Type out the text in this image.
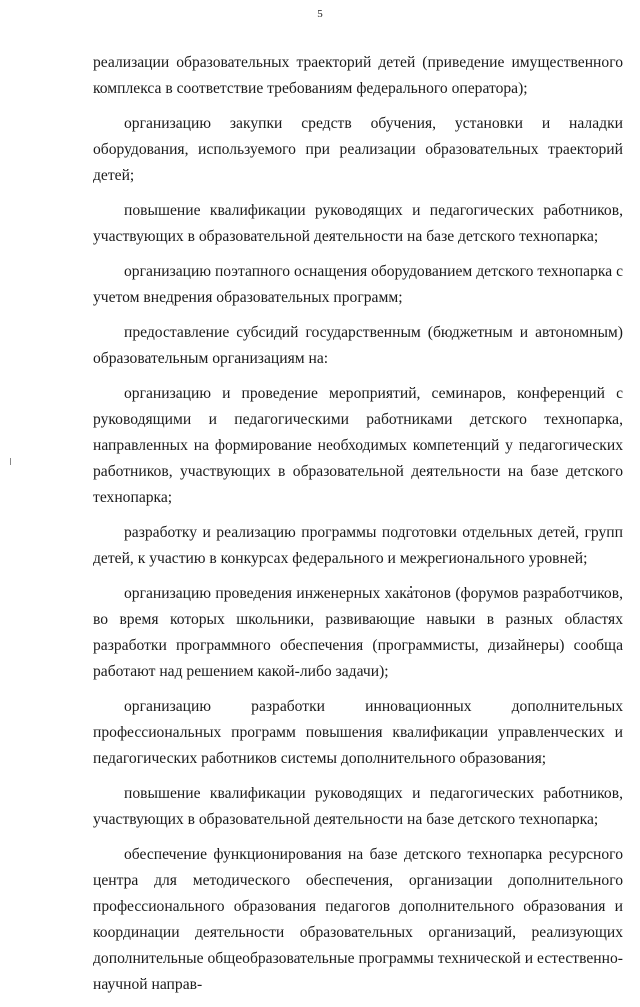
5

реализации образовательных траекторий детей (приведение имущественного комплекса в соответствие требованиям федерального оператора);

организацию закупки средств обучения, установки и наладки оборудования, используемого при реализации образовательных траекторий детей;

повышение квалификации руководящих и педагогических работников, участвующих в образовательной деятельности на базе детского технопарка;

организацию поэтапного оснащения оборудованием детского технопарка с учетом внедрения образовательных программ;

предоставление субсидий государственным (бюджетным и автономным) образовательным организациям на:

организацию и проведение мероприятий, семинаров, конференций с руководящими и педагогическими работниками детского технопарка, направленных на формирование необходимых компетенций у педагогических работников, участвующих в образовательной деятельности на базе детского технопарка;

разработку и реализацию программы подготовки отдельных детей, групп детей, к участию в конкурсах федерального и межрегионального уровней;

организацию проведения инженерных хакатонов (форумов разработчиков, во время которых школьники, развивающие навыки в разных областях разработки программного обеспечения (программисты, дизайнеры) сообща работают над решением какой-либо задачи);

организацию разработки инновационных дополнительных профессиональных программ повышения квалификации управленческих и педагогических работников системы дополнительного образования;

повышение квалификации руководящих и педагогических работников, участвующих в образовательной деятельности на базе детского технопарка;

обеспечение функционирования на базе детского технопарка ресурсного центра для методического обеспечения, организации дополнительного профессионального образования педагогов дополнительного образования и координации деятельности образовательных организаций, реализующих дополнительные общеобразовательные программы технической и естественно-научной направ-
